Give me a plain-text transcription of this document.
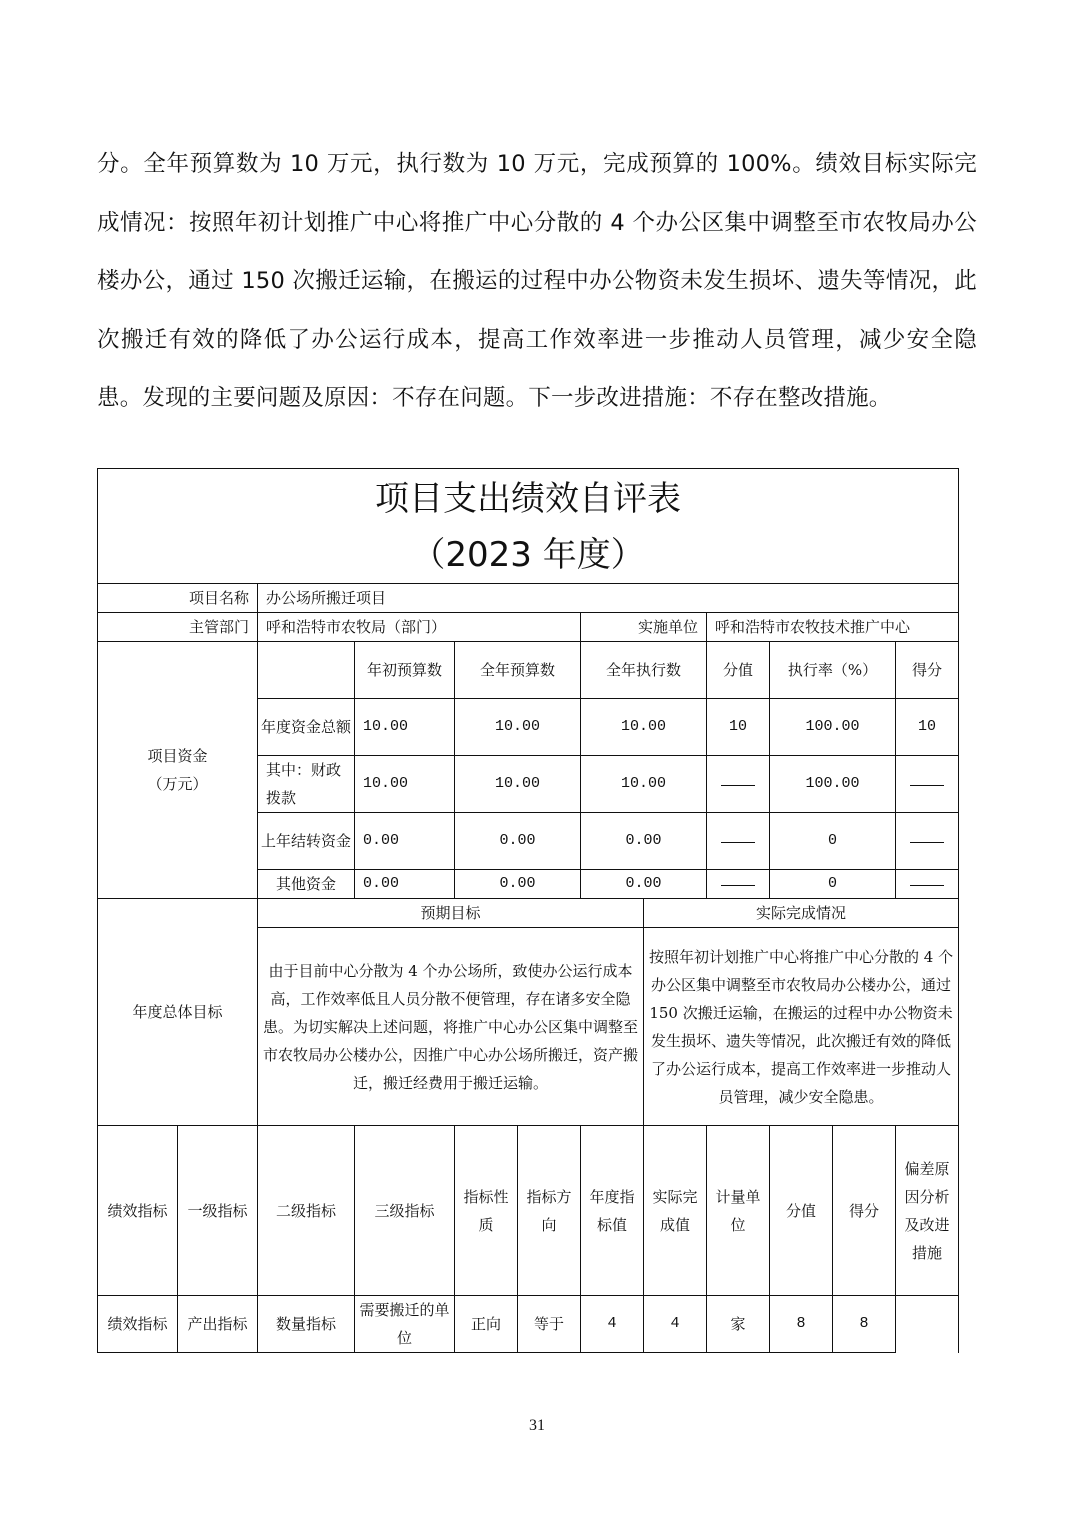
分。全年预算数为 10 万元，执行数为 10 万元，完成预算的 100%。绩效目标实际完成情况：按照年初计划推广中心将推广中心分散的 4 个办公区集中调整至市农牧局办公楼办公，通过 150 次搬迁运输，在搬运的过程中办公物资未发生损坏、遗失等情况，此次搬迁有效的降低了办公运行成本，提高工作效率进一步推动人员管理，减少安全隐患。发现的主要问题及原因：不存在问题。下一步改进措施：不存在整改措施。
项目支出绩效自评表
（2023 年度）											

项目名称		办公场所搬迁项目									
主管部门		呼和浩特市农牧局（部门）				实施单位		呼和浩特市农牧技术推广中心			

项目资金
（万元）			年初预算数	全年预算数		全年执行数		分值	执行率（%）		得分
		年度资金总额	10.00	10.00		10.00		10	100.00		10
		其中：财政拨款	10.00	10.00		10.00			100.00		
		上年结转资金	0.00	0.00		0.00			0		
		其他资金	0.00	0.00		0.00			0		
年度总体目标		预期目标					实际完成情况				
		由于目前中心分散为 4 个办公场所，致使办公运行成本高，工作效率低且人员分散不便管理，存在诸多安全隐患。为切实解决上述问题，将推广中心办公区集中调整至市农牧局办公楼办公，因推广中心办公场所搬迁，资产搬迁，搬迁经费用于搬迁运输。					按照年初计划推广中心将推广中心分散的 4 个办公区集中调整至市农牧局办公楼办公，通过 150 次搬迁运输，在搬运的过程中办公物资未发生损坏、遗失等情况，此次搬迁有效的降低了办公运行成本，提高工作效率进一步推动人员管理，减少安全隐患。				
绩效指标	一级指标	二级指标	三级指标	指标性质	指标方向	年度指标值	实际完成值	计量单位	分值	得分	偏差原因分析及改进措施
绩效指标	产出指标	数量指标	需要搬迁的单位	正向	等于	4	4	家	8	8	
31
